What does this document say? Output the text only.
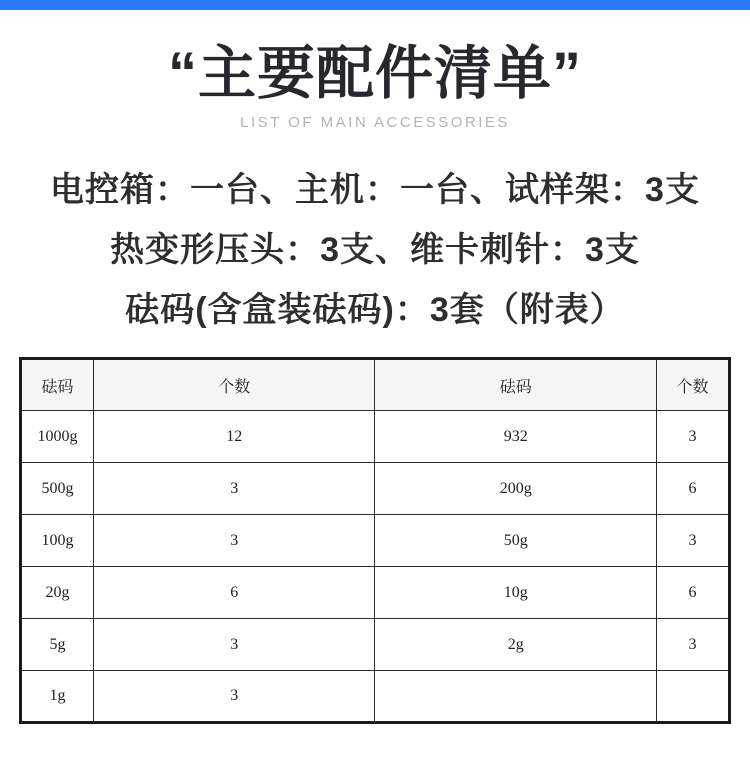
“主要配件清单”
LIST OF MAIN ACCESSORIES
电控箱：一台、主机：一台、试样架：3支
热变形压头：3支、维卡刺针：3支
砝码(含盒装砝码)：3套（附表）
砝码	个数	砝码	个数
1000g	12	932	3
500g	3	200g	6
100g	3	50g	3
20g	6	10g	6
5g	3	2g	3
1g	3		
